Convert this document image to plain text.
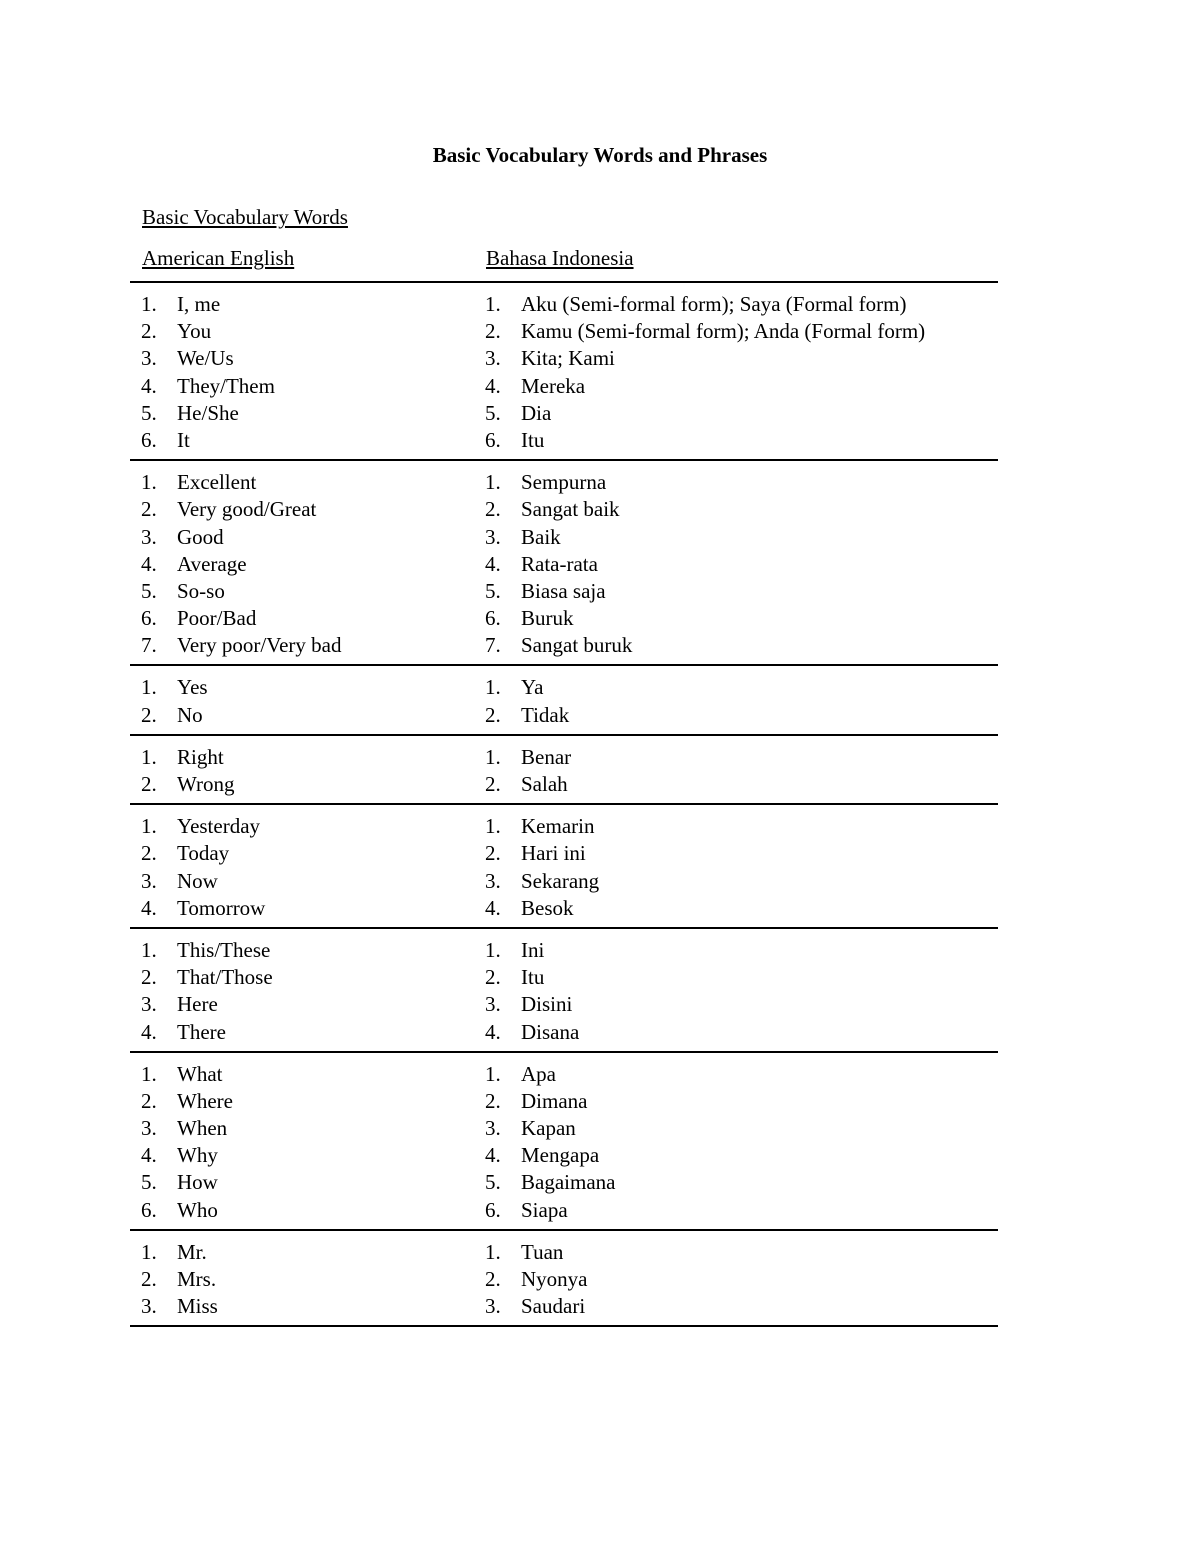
Basic Vocabulary Words and Phrases
Basic Vocabulary Words
American English	Bahasa Indonesia
1. I, me
2. You
3. We/Us
4. They/Them
5. He/She
6. It
1. Aku (Semi-formal form); Saya (Formal form)
2. Kamu (Semi-formal form); Anda (Formal form)
3. Kita; Kami
4. Mereka
5. Dia
6. Itu
1. Excellent
2. Very good/Great
3. Good
4. Average
5. So-so
6. Poor/Bad
7. Very poor/Very bad
1. Sempurna
2. Sangat baik
3. Baik
4. Rata-rata
5. Biasa saja
6. Buruk
7. Sangat buruk
1. Yes
2. No
1. Ya
2. Tidak
1. Right
2. Wrong
1. Benar
2. Salah
1. Yesterday
2. Today
3. Now
4. Tomorrow
1. Kemarin
2. Hari ini
3. Sekarang
4. Besok
1. This/These
2. That/Those
3. Here
4. There
1. Ini
2. Itu
3. Disini
4. Disana
1. What
2. Where
3. When
4. Why
5. How
6. Who
1. Apa
2. Dimana
3. Kapan
4. Mengapa
5. Bagaimana
6. Siapa
1. Mr.
2. Mrs.
3. Miss
1. Tuan
2. Nyonya
3. Saudari
